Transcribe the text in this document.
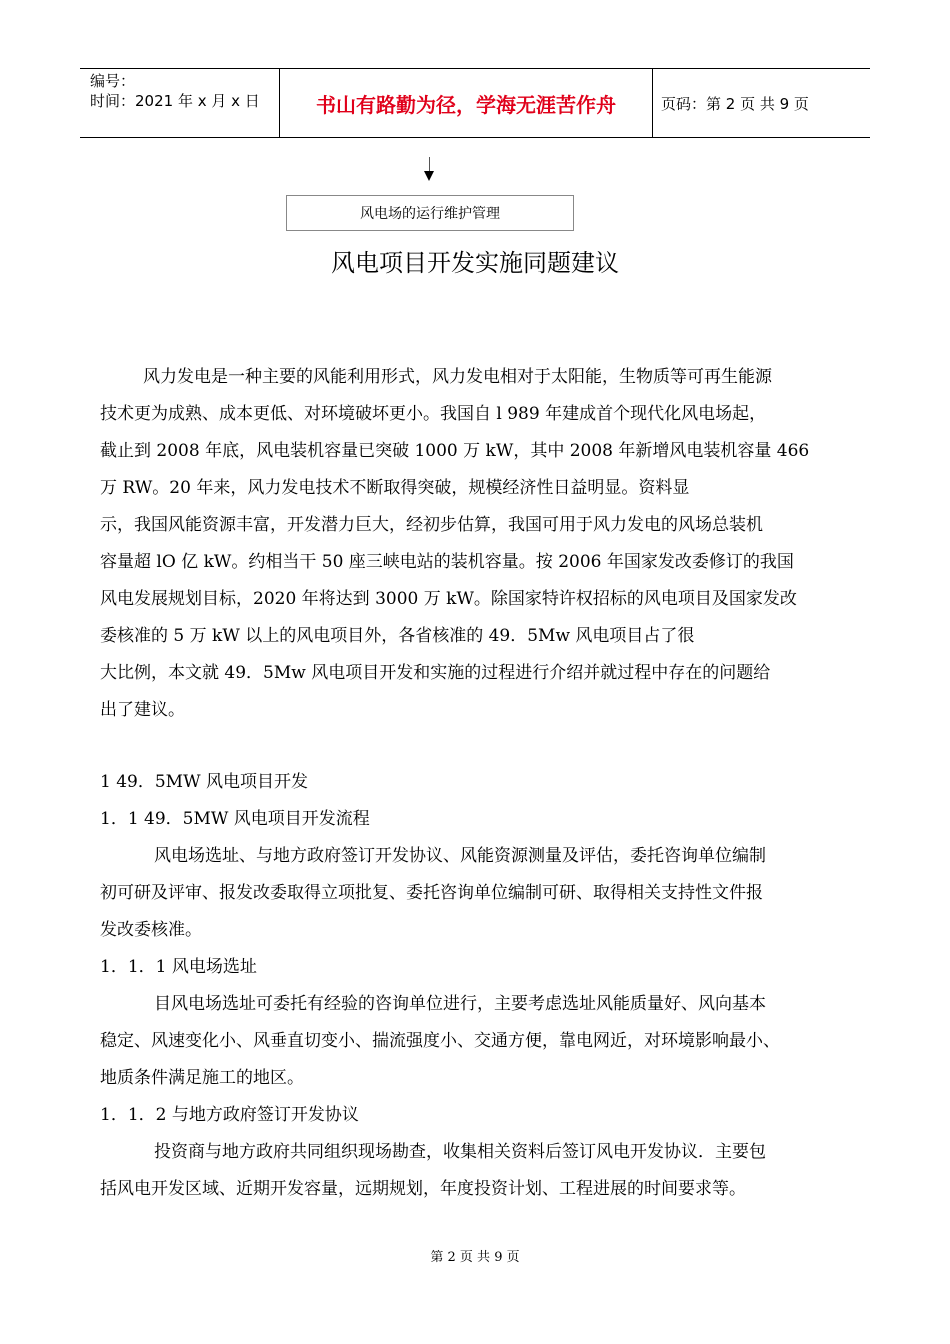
编号：
时间：2021 年 x 月 x 日	书山有路勤为径，学海无涯苦作舟	页码：第 2 页 共 9 页
风电场的运行维护管理
风电项目开发实施同题建议
风力发电是一种主要的风能利用形式，风力发电相对于太阳能，生物质等可再生能源
技术更为成熟、成本更低、对环境破坏更小。我国自 l 989 年建成首个现代化风电场起，
截止到 2008 年底，风电装机容量已突破 1000 万 kW，其中 2008 年新增风电装机容量 466
万 RW。20 年来，风力发电技术不断取得突破，规模经济性日益明显。资料显
示，我国风能资源丰富，开发潜力巨大，经初步估算，我国可用于风力发电的风场总装机
容量超 lO 亿 kW。约相当干 50 座三峡电站的装机容量。按 2006 年国家发改委修订的我国
风电发展规划目标，2020 年将达到 3000 万 kW。除国家特许权招标的风电项目及国家发改
委核准的 5 万 kW 以上的风电项目外，各省核准的 49．5Mw 风电项目占了很
大比例，本文就 49．5Mw 风电项目开发和实施的过程进行介绍并就过程中存在的问题给
出了建议。
1 49．5MW 风电项目开发
1．1 49．5MW 风电项目开发流程
风电场选址、与地方政府签订开发协议、风能资源测量及评估，委托咨询单位编制
初可研及评审、报发改委取得立项批复、委托咨询单位编制可研、取得相关支持性文件报
发改委核准。
1．1．1 风电场选址
目风电场选址可委托有经验的咨询单位进行，主要考虑选址风能质量好、风向基本
稳定、风速变化小、风垂直切变小、揣流强度小、交通方便，靠电网近，对环境影响最小、
地质条件满足施工的地区。
1．1．2 与地方政府签订开发协议
投资商与地方政府共同组织现场勘查，收集相关资料后签订风电开发协议．主要包
括风电开发区域、近期开发容量，远期规划，年度投资计划、工程进展的时间要求等。
第 2 页 共 9 页
